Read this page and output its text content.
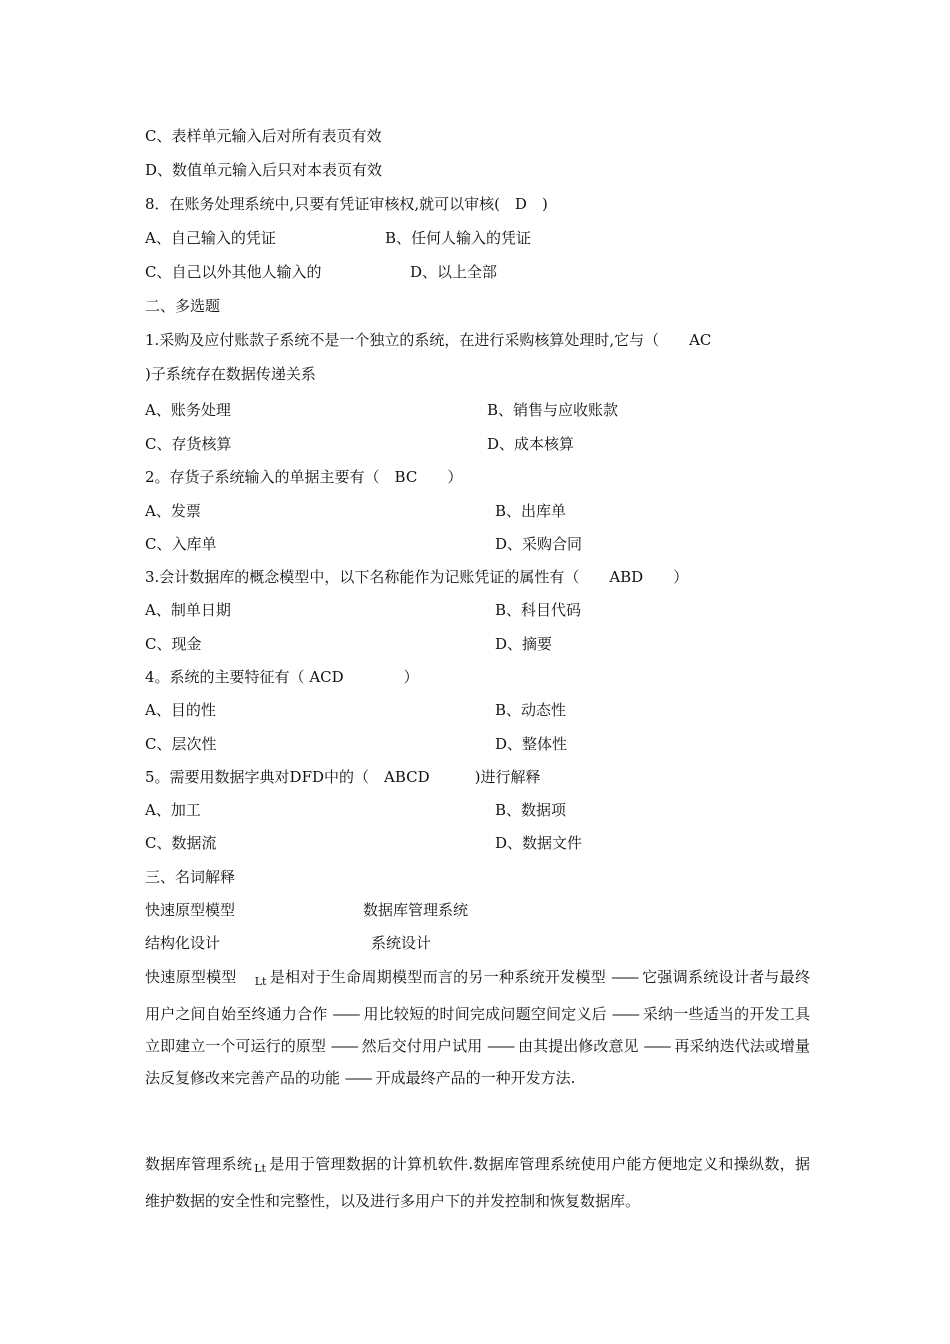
C、表样单元输入后对所有表页有效
D、数值单元输入后只对本表页有效
8．在账务处理系统中,只要有凭证审核权,就可以审核(　D　)
A、自己输入的凭证	B、任何人输入的凭证
C、自己以外其他人输入的	D、以上全部
二、多选题
1.采购及应付账款子系统不是一个独立的系统，在进行采购核算处理时,它与（　　AC
)子系统存在数据传递关系
A、账务处理	B、销售与应收账款
C、存货核算	D、成本核算
2。存货子系统输入的单据主要有（　BC　　）
A、发票	B、出库单
C、入库单	D、采购合同
3.会计数据库的概念模型中，以下名称能作为记账凭证的属性有（　　ABD　　）
A、制单日期	B、科目代码
C、现金	D、摘要
4。系统的主要特征有（ ACD　　　　）
A、目的性	B、动态性
C、层次性	D、整体性
5。需要用数据字典对DFD中的（　ABCD　　　)进行解释
A、加工	B、数据项
C、数据流	D、数据文件
三、名词解释
快速原型模型	数据库管理系统
结构化设计	系统设计
快速原型模型 $_{Lt}$ 是相对于生命周期模型而言的另一种系统开发模型 —— 它强调系统设计者与最终用户之间自始至终通力合作 —— 用比较短的时间完成问题空间定义后 —— 采纳一些适当的开发工具立即建立一个可运行的原型 —— 然后交付用户试用 —— 由其提出修改意见 —— 再采纳迭代法或增量法反复修改来完善产品的功能 —— 开成最终产品的一种开发方法.
数据库管理系统 $_{Lt}$ 是用于管理数据的计算机软件.数据库管理系统使用户能方便地定义和操纵数，据维护数据的安全性和完整性，以及进行多用户下的并发控制和恢复数据库。
